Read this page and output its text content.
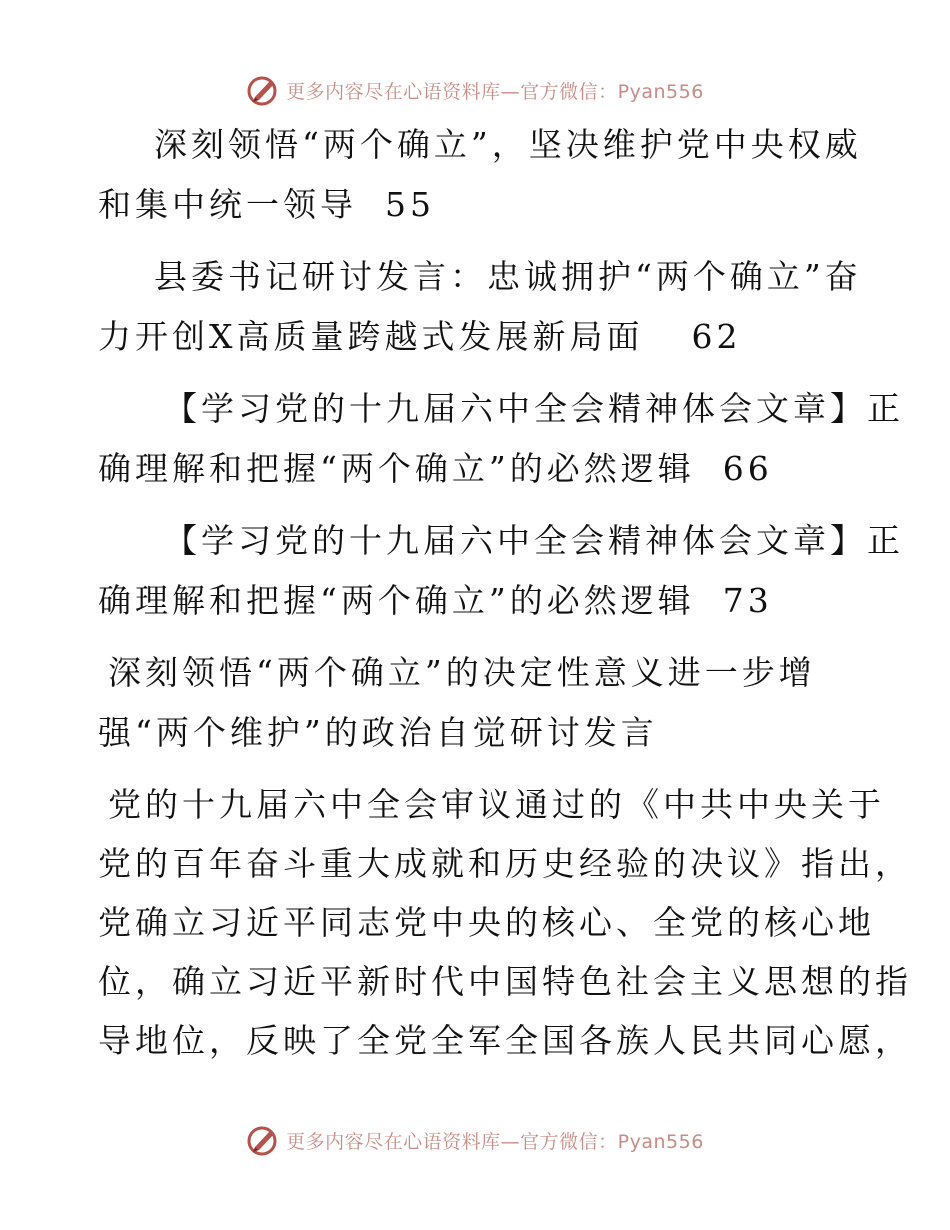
更多内容尽在心语资料库—官方微信：Pyan556
深刻领悟“两个确立”，坚决维护党中央权威
和集中统一领导 55
县委书记研讨发言：忠诚拥护“两个确立”奋
力开创X高质量跨越式发展新局面 62
【学习党的十九届六中全会精神体会文章】正
确理解和把握“两个确立”的必然逻辑 66
【学习党的十九届六中全会精神体会文章】正
确理解和把握“两个确立”的必然逻辑 73
深刻领悟“两个确立”的决定性意义进一步增
强“两个维护”的政治自觉研讨发言
党的十九届六中全会审议通过的《中共中央关于
党的百年奋斗重大成就和历史经验的决议》指出，
党确立习近平同志党中央的核心、全党的核心地
位，确立习近平新时代中国特色社会主义思想的指
导地位，反映了全党全军全国各族人民共同心愿，
更多内容尽在心语资料库—官方微信：Pyan556
